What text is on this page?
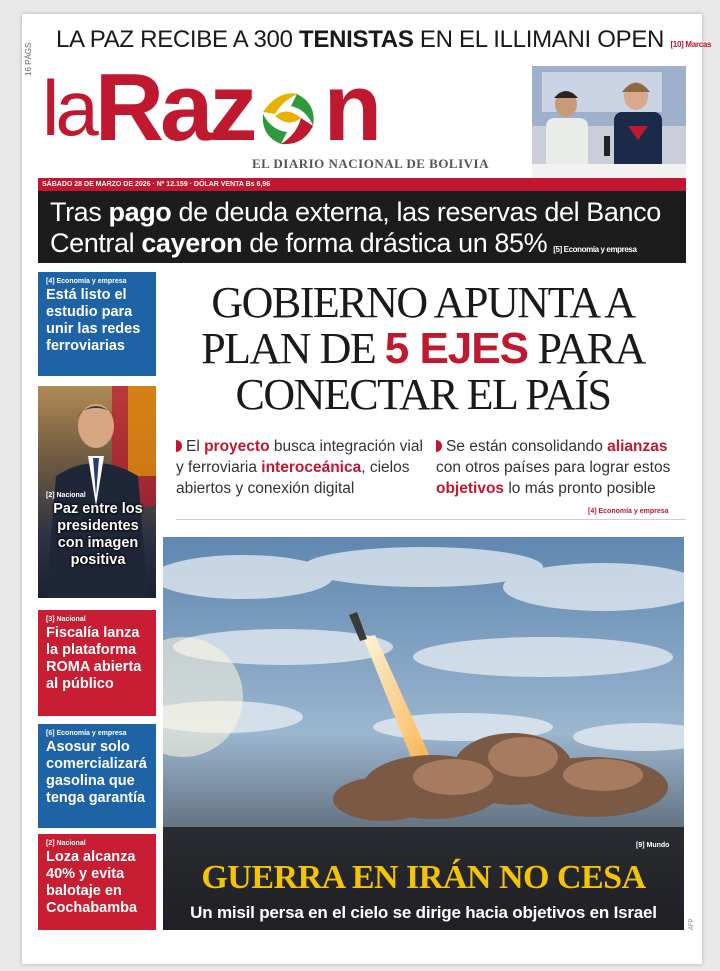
LA PAZ RECIBE A 300 TENISTAS EN EL ILLIMANI OPEN [10] Marcas
16 PÁGS
laRaz n
EL DIARIO NACIONAL DE BOLIVIA
SÁBADO 28 DE MARZO DE 2026 · Nº 12.159 · DÓLAR VENTA Bs 6,96
Tras pago de deuda externa, las reservas del Banco
Central cayeron de forma drástica un 85% [5] Economía y empresa
[4] Economía y empresa
Está listo el estudio para unir las redes ferroviarias
[2] Nacional
Paz entre los presidentes con imagen positiva
[3] Nacional
Fiscalía lanza la plataforma ROMA abierta al público
[6] Economía y empresa
Asosur solo comercializará gasolina que tenga garantía
[2] Nacional
Loza alcanza 40% y evita balotaje en Cochabamba
GOBIERNO APUNTA A
PLAN DE 5 EJES PARA
CONECTAR EL PAÍS
El proyecto busca integración vial y ferroviaria interoceánica, cielos abiertos y conexión digital
Se están consolidando alianzas con otros países para lograr estos objetivos lo más pronto posible
[4] Economía y empresa
[9] Mundo
GUERRA EN IRÁN NO CESA
Un misil persa en el cielo se dirige hacia objetivos en Israel
AFP
